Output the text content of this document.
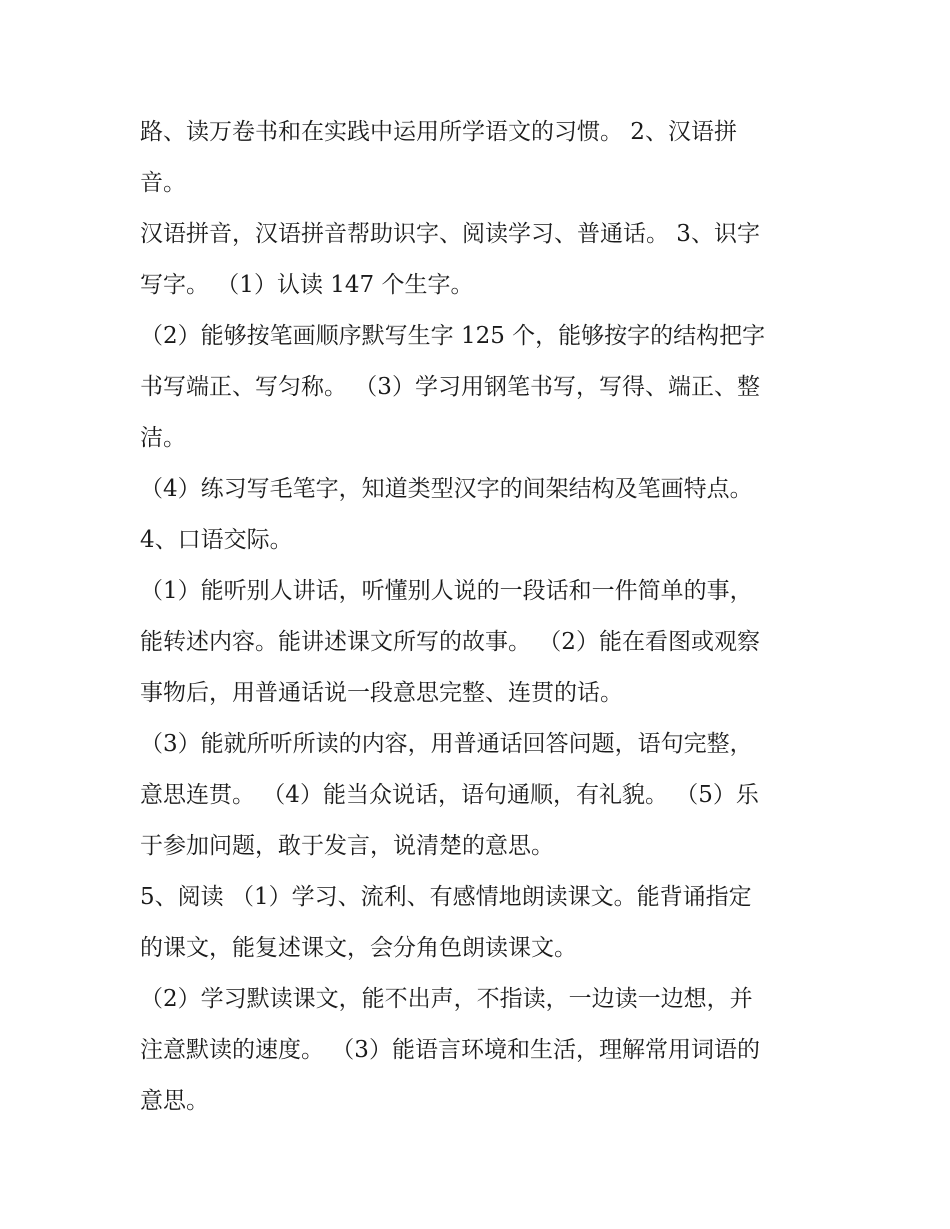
路、读万卷书和在实践中运用所学语文的习惯。 2、汉语拼
音。
汉语拼音，汉语拼音帮助识字、阅读学习、普通话。 3、识字
写字。 （1）认读 147 个生字。
（2）能够按笔画顺序默写生字 125 个，能够按字的结构把字
书写端正、写匀称。 （3）学习用钢笔书写，写得、端正、整
洁。
（4）练习写毛笔字，知道类型汉字的间架结构及笔画特点。
4、口语交际。
（1）能听别人讲话，听懂别人说的一段话和一件简单的事，
能转述内容。能讲述课文所写的故事。 （2）能在看图或观察
事物后，用普通话说一段意思完整、连贯的话。
（3）能就所听所读的内容，用普通话回答问题，语句完整，
意思连贯。 （4）能当众说话，语句通顺，有礼貌。 （5）乐
于参加问题，敢于发言，说清楚的意思。
5、阅读 （1）学习、流利、有感情地朗读课文。能背诵指定
的课文，能复述课文，会分角色朗读课文。
（2）学习默读课文，能不出声，不指读，一边读一边想，并
注意默读的速度。 （3）能语言环境和生活，理解常用词语的
意思。
